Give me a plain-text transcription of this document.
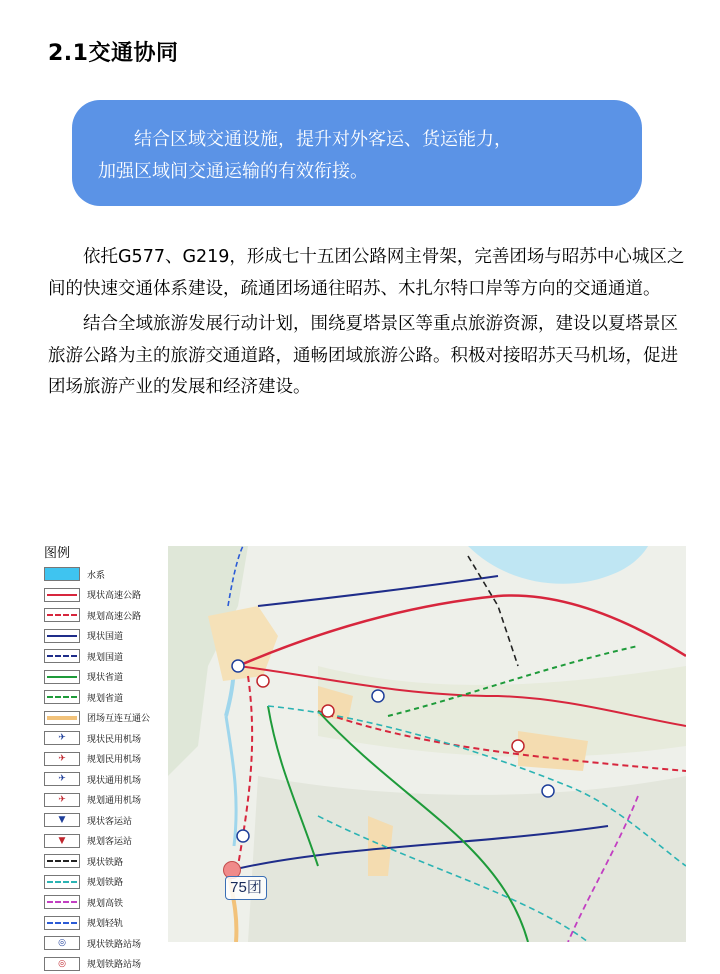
2.1交通协同

结合区域交通设施，提升对外客运、货运能力，

加强区域间交通运输的有效衔接。

依托G577、G219，形成七十五团公路网主骨架，完善团场与昭苏中心城区之间的快速交通体系建设，疏通团场通往昭苏、木扎尔特口岸等方向的交通通道。

结合全域旅游发展行动计划，围绕夏塔景区等重点旅游资源，建设以夏塔景区旅游公路为主的旅游交通道路，通畅团域旅游公路。积极对接昭苏天马机场，促进团场旅游产业的发展和经济建设。

图例
水系
现状高速公路
规划高速公路
现状国道
规划国道
现状省道
规划省道
团场互连互通公
✈ 现状民用机场
✈ 规划民用机场
✈ 现状通用机场
✈ 规划通用机场
▼ 现状客运站
▼ 规划客运站
现状铁路
规划铁路
规划高铁
规划轻轨
◎ 现状铁路站场
◎ 规划铁路站场
75团
